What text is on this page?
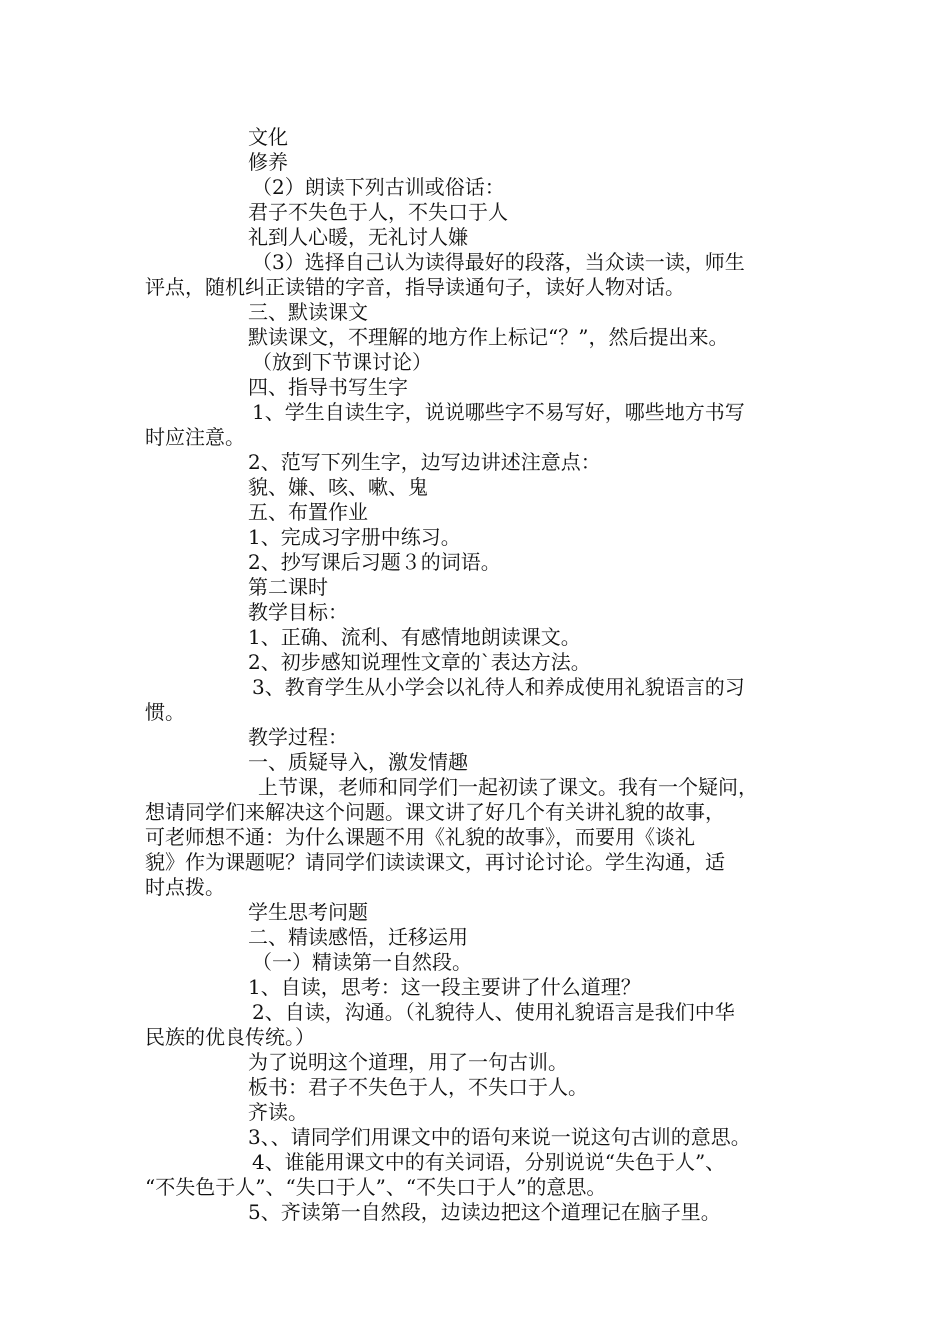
文化
修养
（2）朗读下列古训或俗话：
君子不失色于人，不失口于人
礼到人心暖，无礼讨人嫌
（3）选择自己认为读得最好的段落，当众读一读，师生
评点，随机纠正读错的字音，指导读通句子，读好人物对话。
三、默读课文
默读课文，不理解的地方作上标记“？”，然后提出来。
（放到下节课讨论）
四、指导书写生字
1、学生自读生字，说说哪些字不易写好，哪些地方书写
时应注意。
2、范写下列生字，边写边讲述注意点：
貌、嫌、咳、嗽、鬼
五、布置作业
1、完成习字册中练习。
2、抄写课后习题３的词语。
第二课时
教学目标：
1、正确、流利、有感情地朗读课文。
2、初步感知说理性文章的`表达方法。
3、教育学生从小学会以礼待人和养成使用礼貌语言的习
惯。
教学过程：
一、质疑导入，激发情趣
上节课，老师和同学们一起初读了课文。我有一个疑问，
想请同学们来解决这个问题。课文讲了好几个有关讲礼貌的故事，
可老师想不通：为什么课题不用《礼貌的故事》，而要用《谈礼
貌》作为课题呢？请同学们读读课文，再讨论讨论。学生沟通，适
时点拨。
学生思考问题
二、精读感悟，迁移运用
（一）精读第一自然段。
1、自读，思考：这一段主要讲了什么道理？
2、自读，沟通。（礼貌待人、使用礼貌语言是我们中华
民族的优良传统。）
为了说明这个道理，用了一句古训。
板书：君子不失色于人，不失口于人。
齐读。
3、、请同学们用课文中的语句来说一说这句古训的意思。
4、谁能用课文中的有关词语，分别说说“失色于人”、
“不失色于人”、“失口于人”、“不失口于人”的意思。
5、齐读第一自然段，边读边把这个道理记在脑子里。
